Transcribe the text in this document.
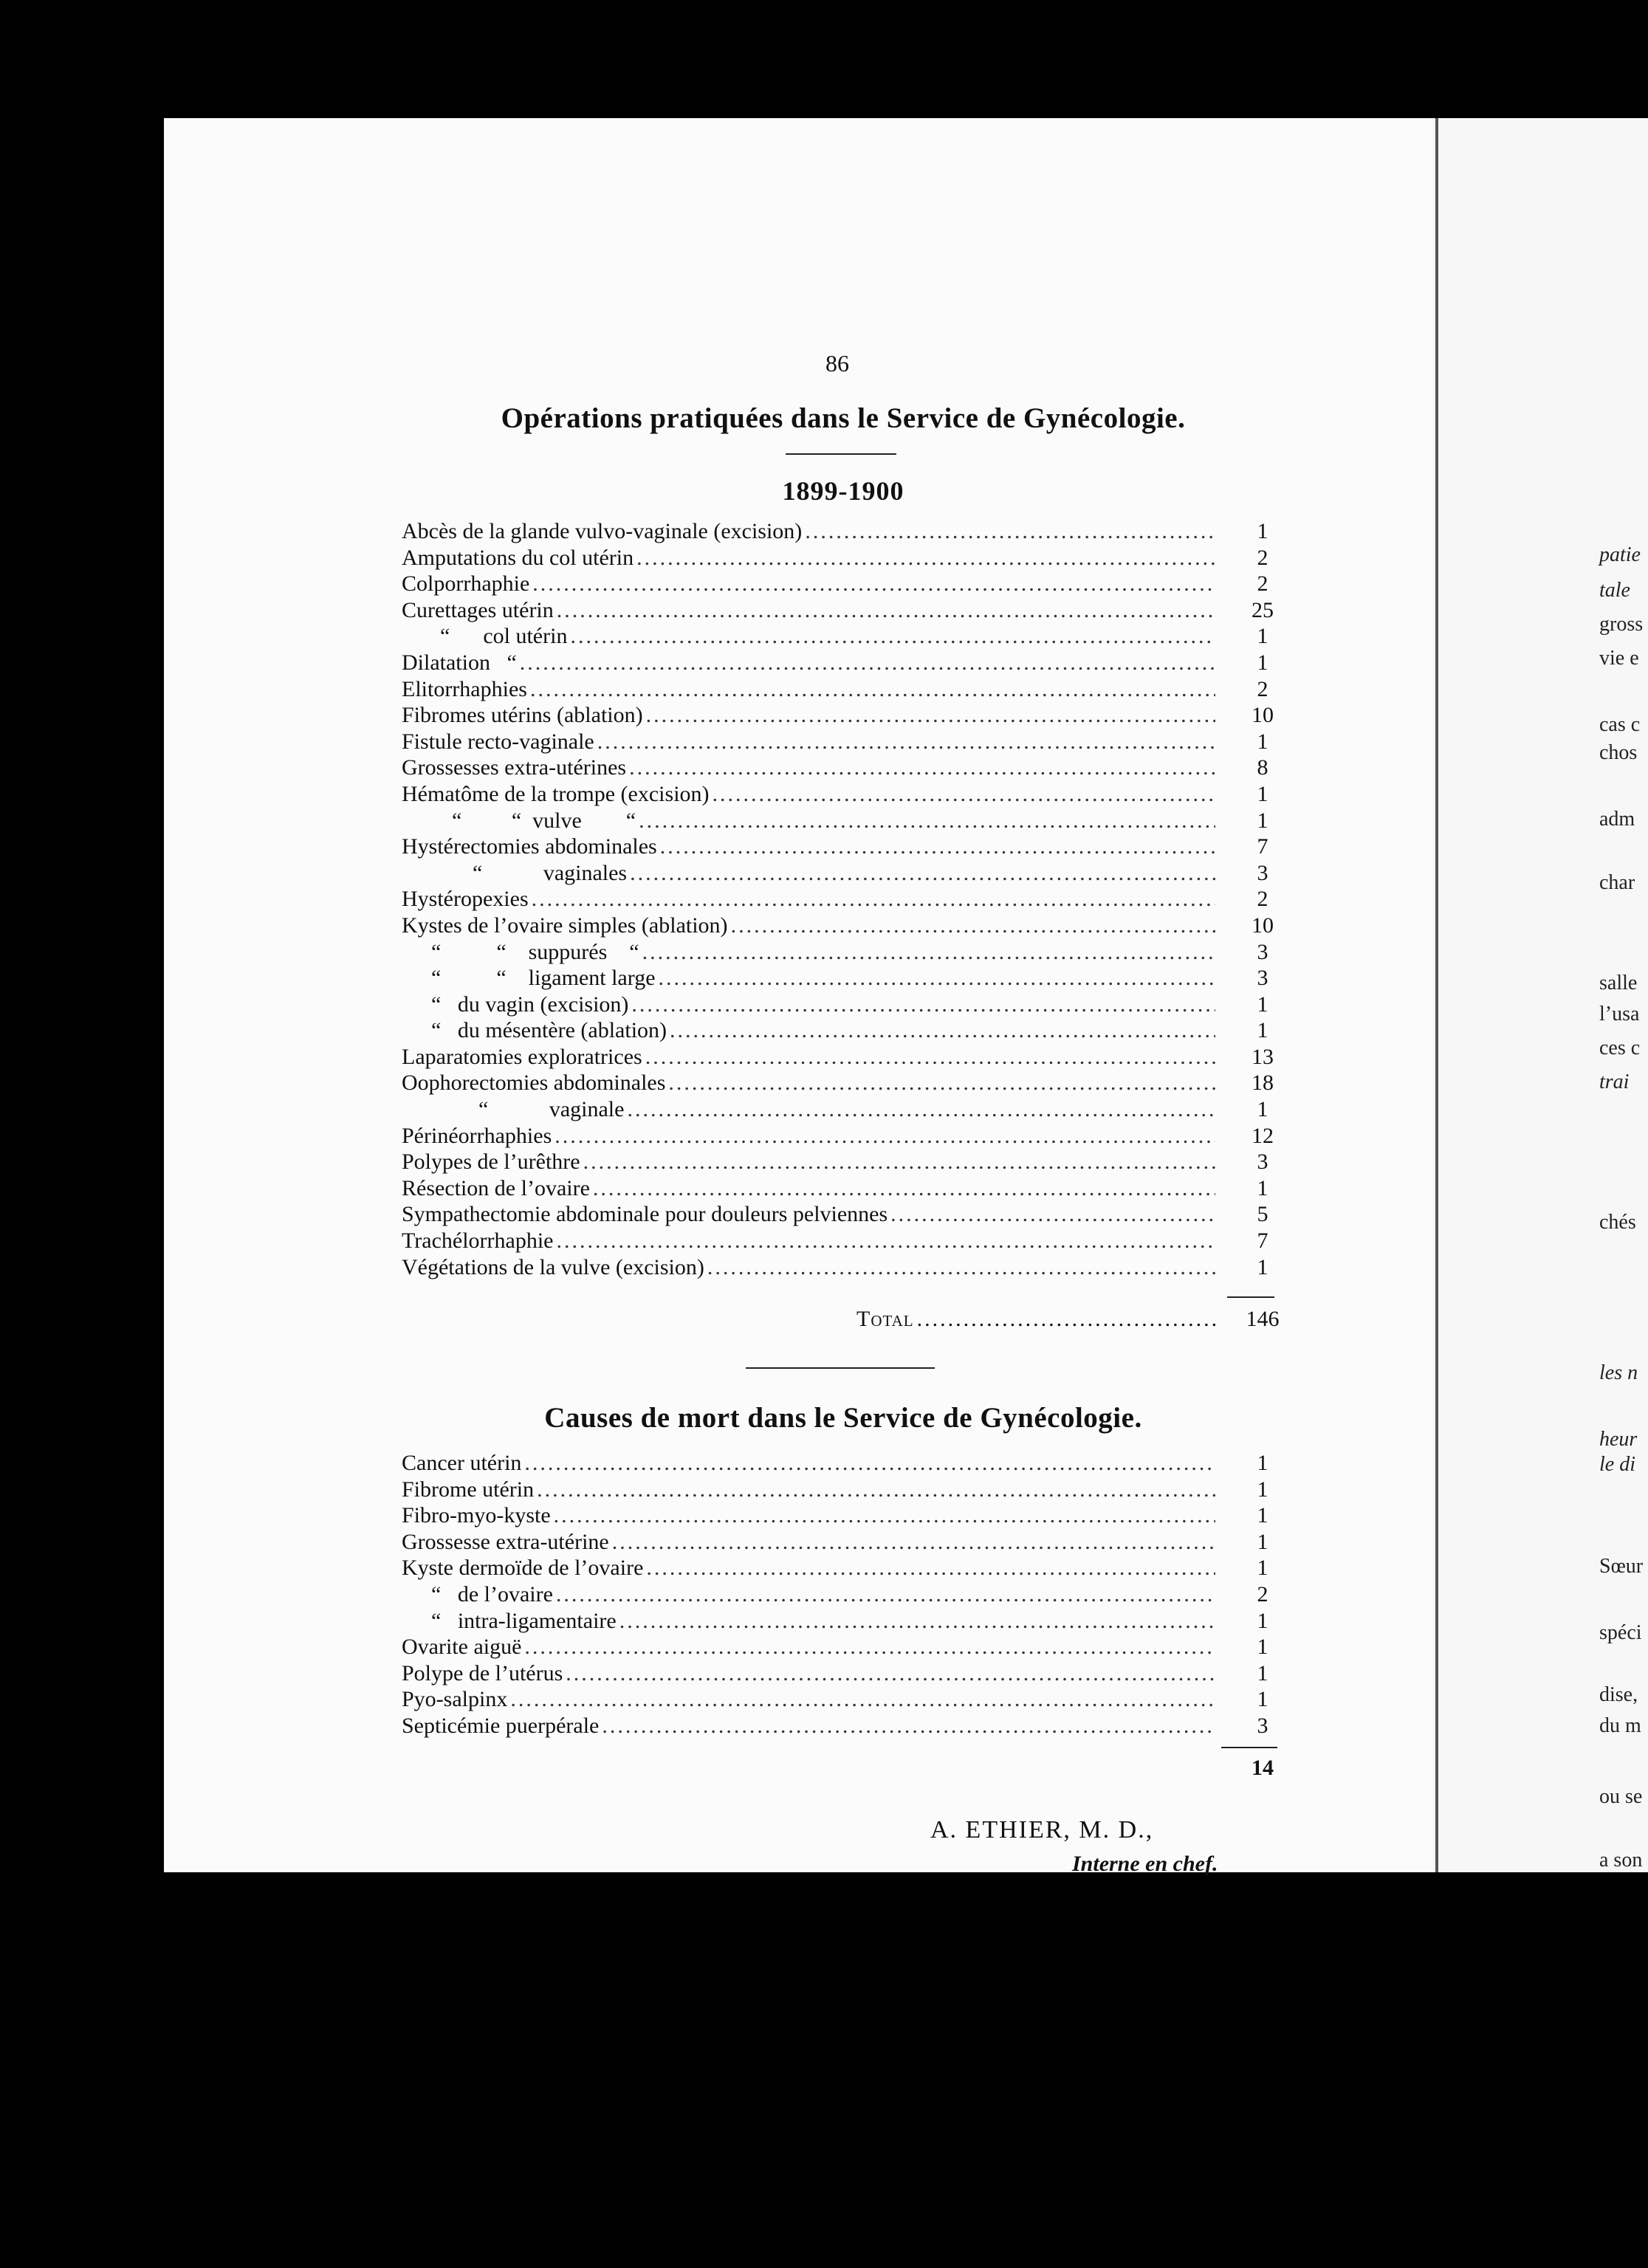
patie
tale
gross
vie e
cas c
chos
adm
char
salle
l’usa
ces c
trai
chés
les n
heur
le di
Sœur
spéci
dise,
du m
ou se
a son
86
Opérations pratiquées dans le Service de Gynécologie.
1899-1900
Abcès de la glande vulvo-vaginale (excision) .....	1
Amputations du col utérin .....	2
Colporrhaphie .....	2
Curettages utérin .....	25
“      col utérin .....	1
Dilatation   “ .....	1
Elitorrhaphies .....	2
Fibromes utérins (ablation) .....	10
Fistule recto-vaginale .....	1
Grossesses extra-utérines .....	8
Hématôme de la trompe (excision) .....	1
“         “  vulve        “ .....	1
Hystérectomies abdominales .....	7
“           vaginales .....	3
Hystéropexies .....	2
Kystes de l’ovaire simples (ablation) .....	10
“          “    suppurés    “ .....	3
“          “    ligament large .....	3
“   du vagin (excision) .....	1
“   du mésentère (ablation) .....	1
Laparatomies exploratrices .....	13
Oophorectomies abdominales .....	18
“           vaginale .....	1
Périnéorrhaphies .....	12
Polypes de l’urêthre .....	3
Résection de l’ovaire .....	1
Sympathectomie abdominale pour douleurs pelviennes .....	5
Trachélorrhaphie .....	7
Végétations de la vulve (excision) .....	1
Total .....	146
Causes de mort dans le Service de Gynécologie.
Cancer utérin .....	1
Fibrome utérin .....	1
Fibro-myo-kyste .....	1
Grossesse extra-utérine .....	1
Kyste dermoïde de l’ovaire .....	1
“   de l’ovaire .....	2
“   intra-ligamentaire .....	1
Ovarite aiguë .....	1
Polype de l’utérus .....	1
Pyo-salpinx .....	1
Septicémie puerpérale .....	3
14
A. ETHIER, M. D.,
Interne en chef.
